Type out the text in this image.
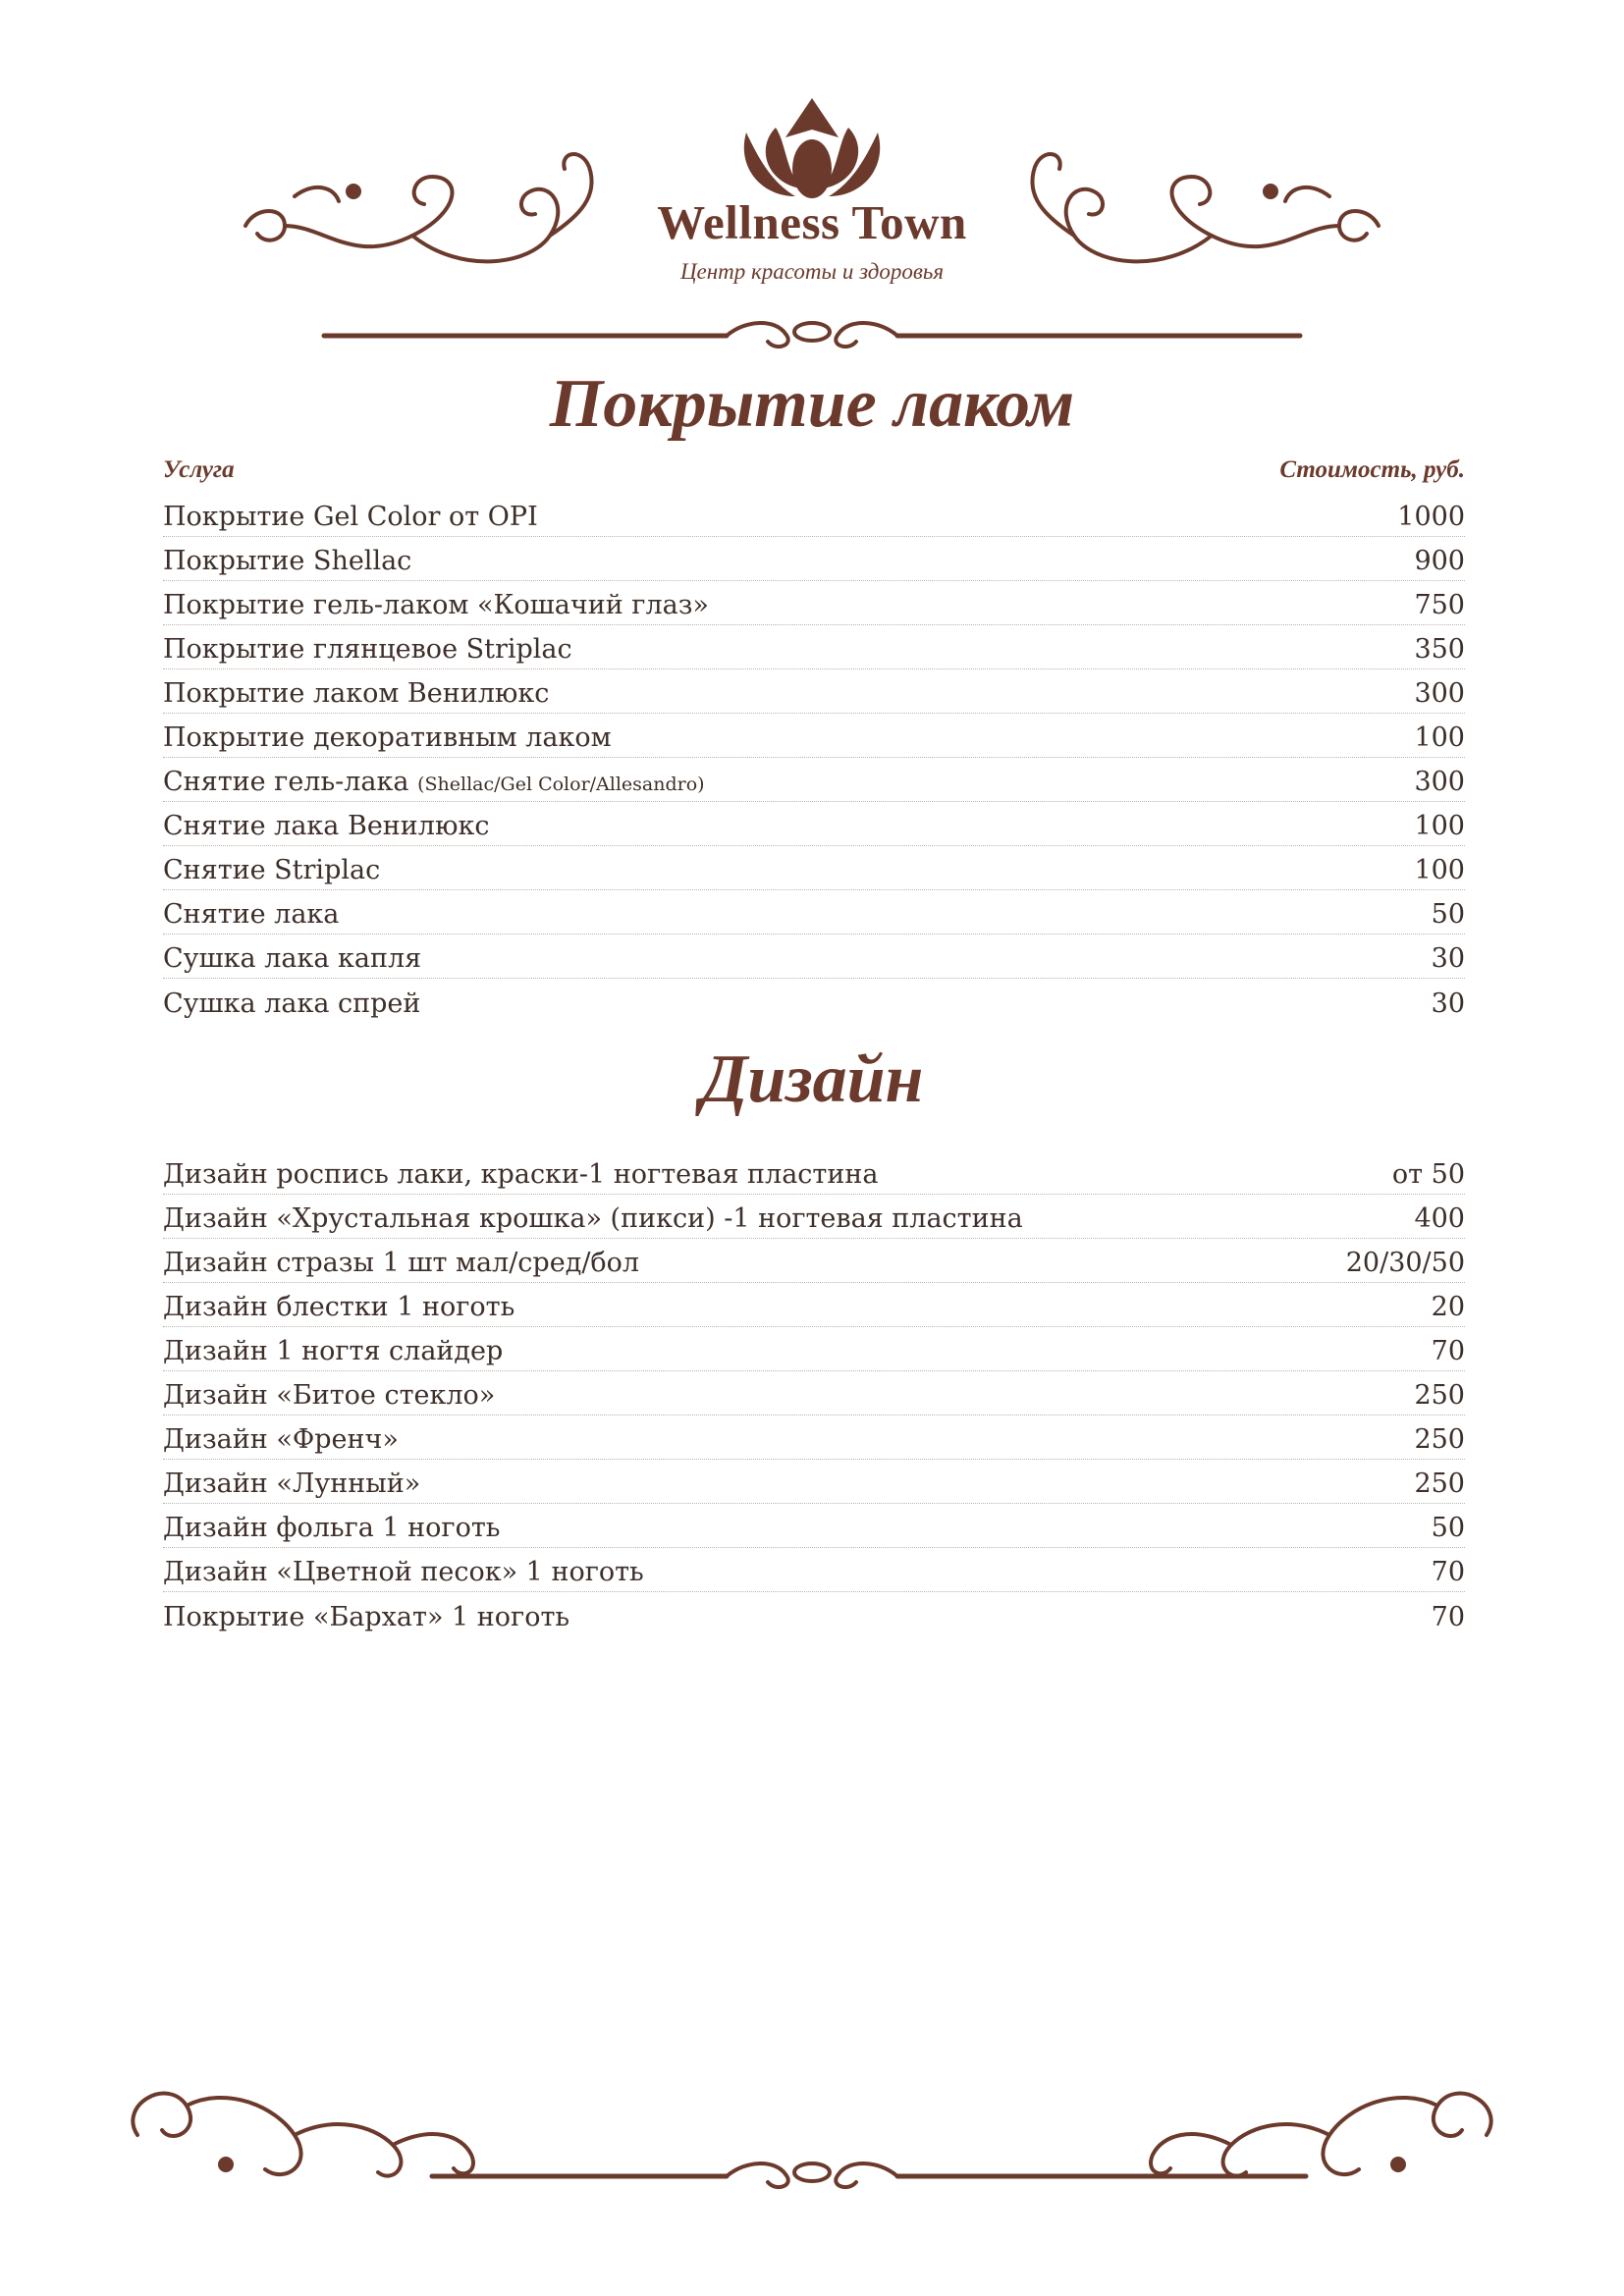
Wellness Town
Центр красоты и здоровья
Покрытие лаком
Услуга	Стоимость, руб.
Покрытие Gel Color от OPI	1000
Покрытие Shellac	900
Покрытие гель-лаком «Кошачий глаз»	750
Покрытие глянцевое Striplac	350
Покрытие лаком Венилюкс	300
Покрытие декоративным лаком	100
Снятие гель-лака (Shellac/Gel Color/Allesandro)	300
Снятие лака Венилюкс	100
Снятие Striplac	100
Снятие лака	50
Сушка лака капля	30
Сушка лака спрей	30
Дизайн
Дизайн роспись лаки, краски-1 ногтевая пластина	от 50
Дизайн «Хрустальная крошка» (пикси) -1 ногтевая пластина	400
Дизайн стразы 1 шт мал/сред/бол	20/30/50
Дизайн блестки 1 ноготь	20
Дизайн 1 ногтя слайдер	70
Дизайн «Битое стекло»	250
Дизайн «Френч»	250
Дизайн «Лунный»	250
Дизайн фольга 1 ноготь	50
Дизайн «Цветной песок» 1 ноготь	70
Покрытие «Бархат» 1 ноготь	70
